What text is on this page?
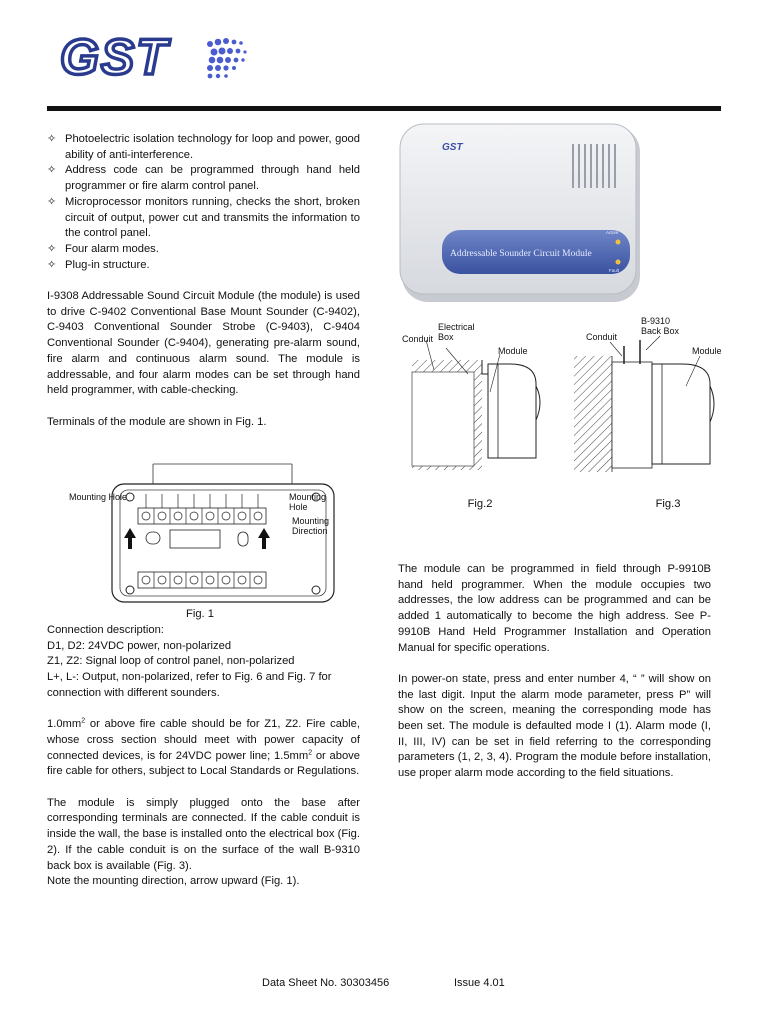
GST
✧ Photoelectric isolation technology for loop and power, good ability of anti-interference.
✧ Address code can be programmed through hand held programmer or fire alarm control panel.
✧ Microprocessor monitors running, checks the short, broken circuit of output, power cut and transmits the information to the control panel.
✧ Four alarm modes.
✧ Plug-in structure.

I-9308 Addressable Sound Circuit Module (the module) is used to drive C-9402 Conventional Base Mount Sounder (C-9402), C-9403 Conventional Sounder Strobe (C-9403), C-9404 Conventional Sounder (C-9404), generating pre-alarm sound, fire alarm and continuous alarm sound. The module is addressable, and four alarm modes can be set through hand held programmer, with cable-checking.

Terminals of the module are shown in Fig. 1.

Mounting Hole	Mounting Hole
Mounting Direction
Fig. 1
Connection description:
D1, D2: 24VDC power, non-polarized
Z1, Z2: Signal loop of control panel, non-polarized
L+, L-: Output, non-polarized, refer to Fig. 6 and Fig. 7 for connection with different sounders.

$1.0mm^2$ or above fire cable should be for Z1, Z2. Fire cable, whose cross section should meet with power capacity of connected devices, is for 24VDC power line; $1.5mm^2$ or above fire cable for others, subject to Local Standards or Regulations.

The module is simply plugged onto the base after corresponding terminals are connected. If the cable conduit is inside the wall, the base is installed onto the electrical box (Fig. 2). If the cable conduit is on the surface of the wall B-9310 back box is available (Fig. 3).

Note the mounting direction, arrow upward (Fig. 1).
GST
Addressable Sounder Circuit Module
Active
Fault
Conduit
Electrical Box
Module
Fig.2
Conduit
B-9310 Back Box
Module
Fig.3

The module can be programmed in field through P-9910B hand held programmer. When the module occupies two addresses, the low address can be programmed and can be added 1 automatically to become the high address. See P-9910B Hand Held Programmer Installation and Operation Manual for specific operations.

In power-on state, press and enter number 4, “ ” will show on the last digit. Input the alarm mode parameter, press P” will show on the screen, meaning the corresponding mode has been set. The module is defaulted mode I (1). Alarm mode (I, II, III, IV) can be set in field referring to the corresponding parameters (1, 2, 3, 4). Program the module before installation, use proper alarm mode according to the field situations.

Data Sheet No. 30303456	Issue 4.01
